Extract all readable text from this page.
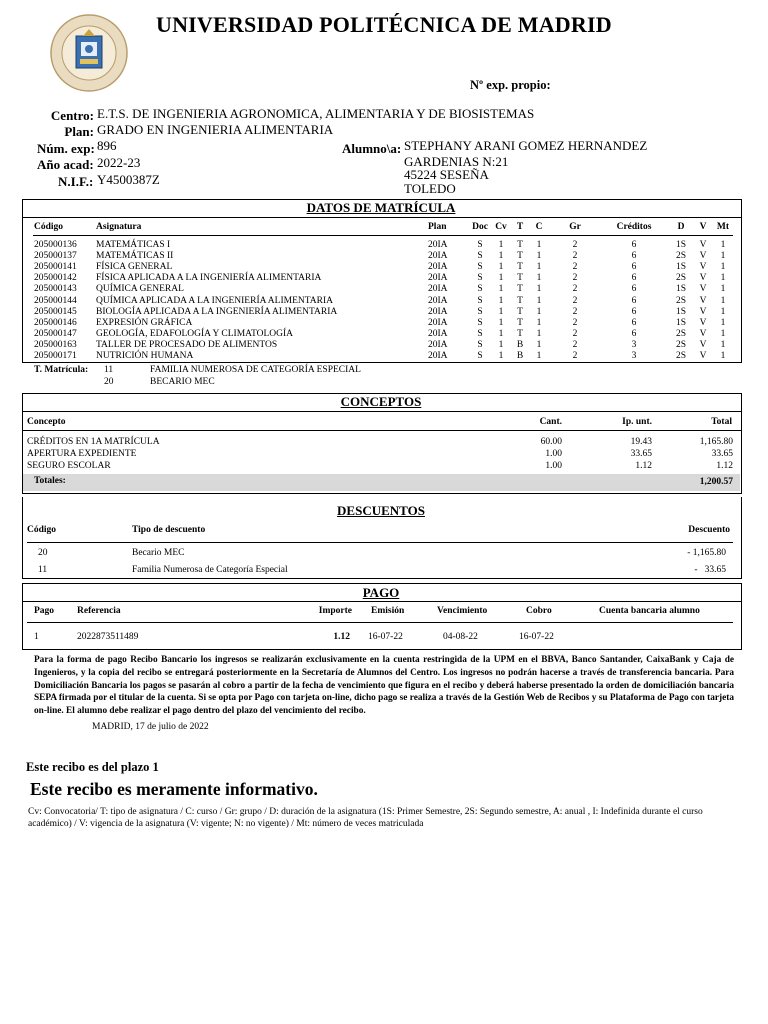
UNIVERSIDAD POLITÉCNICA DE MADRID
Nº exp. propio:
Centro: E.T.S. DE INGENIERIA AGRONOMICA, ALIMENTARIA Y DE BIOSISTEMAS
Plan: GRADO EN INGENIERIA ALIMENTARIA
Núm. exp: 896
Año acad: 2022-23
N.I.F.: Y4500387Z
Alumno\a: STEPHANY ARANI GOMEZ HERNANDEZ
GARDENIAS N:21
45224 SESEÑA
TOLEDO
DATOS DE MATRÍCULA
Código	Asignatura	Plan	Doc Cv	T	C	Gr	Créditos	D	V	Mt
205000136 MATEMÁTICAS I	20IA	S	1	T	1	2	6	1S	V	1
205000137 MATEMÁTICAS II	20IA	S	1	T	1	2	6	2S	V	1
205000141 FÍSICA GENERAL	20IA	S	1	T	1	2	6	1S	V	1
205000142 FÍSICA APLICADA A LA INGENIERÍA ALIMENTARIA	20IA	S	1	T	1	2	6	2S	V	1
205000143 QUÍMICA GENERAL	20IA	S	1	T	1	2	6	1S	V	1
205000144 QUÍMICA APLICADA A LA INGENIERÍA ALIMENTARIA	20IA	S	1	T	1	2	6	2S	V	1
205000145 BIOLOGÍA APLICADA A LA INGENIERÍA ALIMENTARIA	20IA	S	1	T	1	2	6	1S	V	1
205000146 EXPRESIÓN GRÁFICA	20IA	S	1	T	1	2	6	1S	V	1
205000147 GEOLOGÍA, EDAFOLOGÍA Y CLIMATOLOGÍA	20IA	S	1	T	1	2	6	2S	V	1
205000163 TALLER DE PROCESADO DE ALIMENTOS	20IA	S	1	B	1	2	3	2S	V	1
205000171 NUTRICIÓN HUMANA	20IA	S	1	B	1	2	3	2S	V	1
T. Matrícula: 11	FAMILIA NUMEROSA DE CATEGORÍA ESPECIAL
20	BECARIO MEC
CONCEPTOS
Concepto	Cant.	Ip. unt.	Total
CRÉDITOS EN 1A MATRÍCULA	60.00	19.43	1,165.80
APERTURA EXPEDIENTE	1.00	33.65	33.65
SEGURO ESCOLAR	1.00	1.12	1.12
Totales:	1,200.57
DESCUENTOS
Código	Tipo de descuento	Descuento
20	Becario MEC	- 1,165.80
11	Familia Numerosa de Categoría Especial	-   33.65
PAGO
Pago Referencia	Importe Emisión	Vencimiento	Cobro	Cuenta bancaria alumno
1	2022873511489	1.12 16-07-22	04-08-22	16-07-22
Para la forma de pago Recibo Bancario los ingresos se realizarán exclusivamente en la cuenta restringida de la UPM en el BBVA, Banco Santander, CaixaBank y Caja de Ingenieros, y la copia del recibo se entregará posteriormente en la Secretaría de Alumnos del Centro. Los ingresos no podrán hacerse a través de transferencia bancaria. Para Domiciliación Bancaria los pagos se pasarán al cobro a partir de la fecha de vencimiento que figura en el recibo y deberá haberse presentado la orden de domiciliación bancaria SEPA firmada por el titular de la cuenta. Si se opta por Pago con tarjeta on-line, dicho pago se realiza a través de la Gestión Web de Recibos y su Plataforma de Pago con tarjeta on-line. El alumno debe realizar el pago dentro del plazo del vencimiento del recibo.
MADRID, 17 de julio de 2022
Este recibo es del plazo 1
Este recibo es meramente informativo.
Cv: Convocatoria/ T: tipo de asignatura / C: curso / Gr: grupo / D: duración de la asignatura (1S: Primer Semestre, 2S: Segundo semestre, A: anual , I: Indefinida durante el curso académico) / V: vigencia de la asignatura (V: vigente; N: no vigente) / Mt: número de veces matriculada
